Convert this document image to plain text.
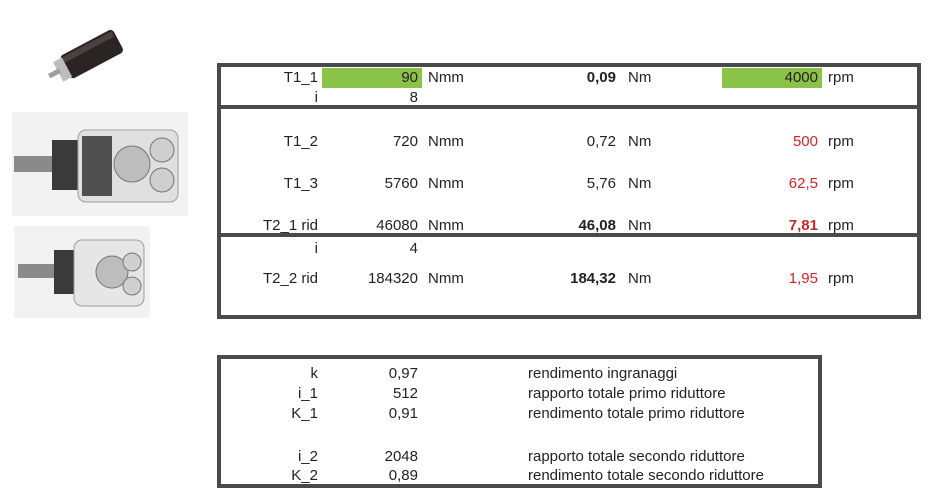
T1_1	90 Nmm	0,09 Nm	4000 rpm
i	8
T1_2	720 Nmm	0,72 Nm	500 rpm
T1_3	5760 Nmm	5,76 Nm	62,5 rpm
T2_1 rid	46080 Nmm	46,08 Nm	7,81 rpm
i	4
T2_2 rid	184320 Nmm	184,32 Nm	1,95 rpm
k	0,97	rendimento ingranaggi
i_1	512	rapporto totale primo riduttore
K_1	0,91	rendimento totale primo riduttore
i_2	2048	rapporto totale secondo riduttore
K_2	0,89	rendimento totale secondo riduttore
